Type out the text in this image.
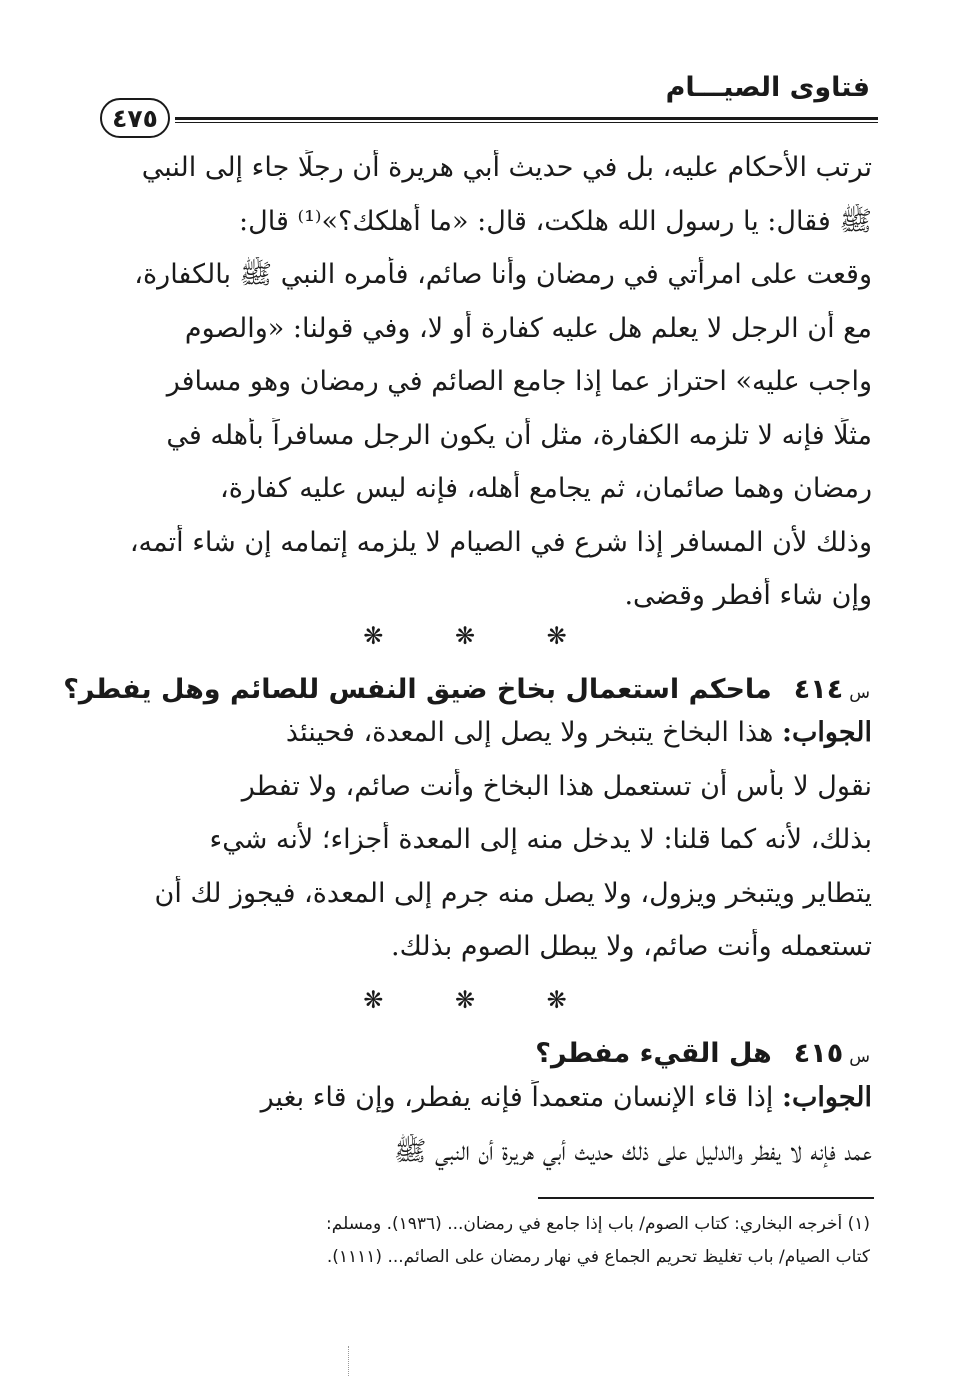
فتاوى الصيـــام
٤٧٥
ترتب الأحكام عليه، بل في حديث أبي هريرة أن رجلًا جاء إلى النبي
ﷺ فقال: يا رسول الله هلكت، قال: «ما أهلكك؟»⁽¹⁾ قال:
وقعت على امرأتي في رمضان وأنا صائم، فأمره النبي ﷺ بالكفارة،
مع أن الرجل لا يعلم هل عليه كفارة أو لا، وفي قولنا: «والصوم
واجب عليه» احتراز عما إذا جامع الصائم في رمضان وهو مسافر
مثلًا فإنه لا تلزمه الكفارة، مثل أن يكون الرجل مسافراً بأهله في
رمضان وهما صائمان، ثم يجامع أهله، فإنه ليس عليه كفارة،
وذلك لأن المسافر إذا شرع في الصيام لا يلزمه إتمامه إن شاء أتمه،
وإن شاء أفطر وقضى.
❋ ❋ ❋
س٤١٤ماحكم استعمال بخاخ ضيق النفس للصائم وهل يفطر؟
الجواب: هذا البخاخ يتبخر ولا يصل إلى المعدة، فحينئذ
نقول لا بأس أن تستعمل هذا البخاخ وأنت صائم، ولا تفطر
بذلك، لأنه كما قلنا: لا يدخل منه إلى المعدة أجزاء؛ لأنه شيء
يتطاير ويتبخر ويزول، ولا يصل منه جرم إلى المعدة، فيجوز لك أن
تستعمله وأنت صائم، ولا يبطل الصوم بذلك.
❋ ❋ ❋
س٤١٥هل القيء مفطر؟
الجواب: إذا قاء الإنسان متعمداً فإنه يفطر، وإن قاء بغير
عمد فإنه لا يفطر والدليل على ذلك حديث أبي هريرة أن النبي ﷺ
(١) أخرجه البخاري: كتاب الصوم/ باب إذا جامع في رمضان... (١٩٣٦). ومسلم:
كتاب الصيام/ باب تغليظ تحريم الجماع في نهار رمضان على الصائم... (١١١١).
